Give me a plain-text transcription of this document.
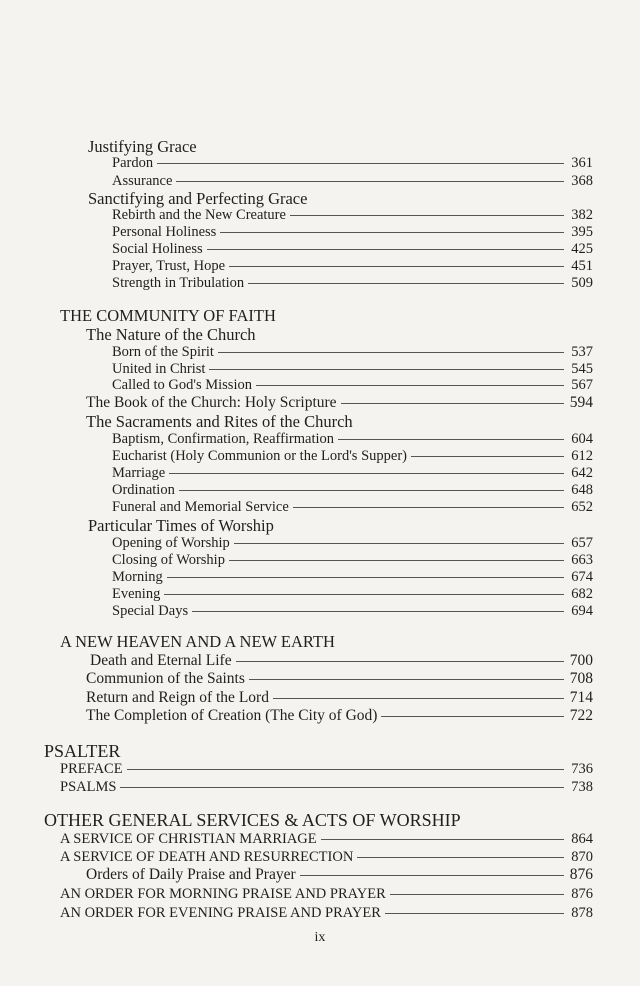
Justifying Grace
Pardon	361
Assurance	368
Sanctifying and Perfecting Grace
Rebirth and the New Creature	382
Personal Holiness	395
Social Holiness	425
Prayer, Trust, Hope	451
Strength in Tribulation	509
THE COMMUNITY OF FAITH
The Nature of the Church
Born of the Spirit	537
United in Christ	545
Called to God's Mission	567
The Book of the Church: Holy Scripture	594
The Sacraments and Rites of the Church
Baptism, Confirmation, Reaffirmation	604
Eucharist (Holy Communion or the Lord's Supper)	612
Marriage	642
Ordination	648
Funeral and Memorial Service	652
Particular Times of Worship
Opening of Worship	657
Closing of Worship	663
Morning	674
Evening	682
Special Days	694
A NEW HEAVEN AND A NEW EARTH
Death and Eternal Life	700
Communion of the Saints	708
Return and Reign of the Lord	714
The Completion of Creation (The City of God)	722
PSALTER
PREFACE	736
PSALMS	738
OTHER GENERAL SERVICES & ACTS OF WORSHIP
A SERVICE OF CHRISTIAN MARRIAGE	864
A SERVICE OF DEATH AND RESURRECTION	870
Orders of Daily Praise and Prayer	876
AN ORDER FOR MORNING PRAISE AND PRAYER	876
AN ORDER FOR EVENING PRAISE AND PRAYER	878
ix
